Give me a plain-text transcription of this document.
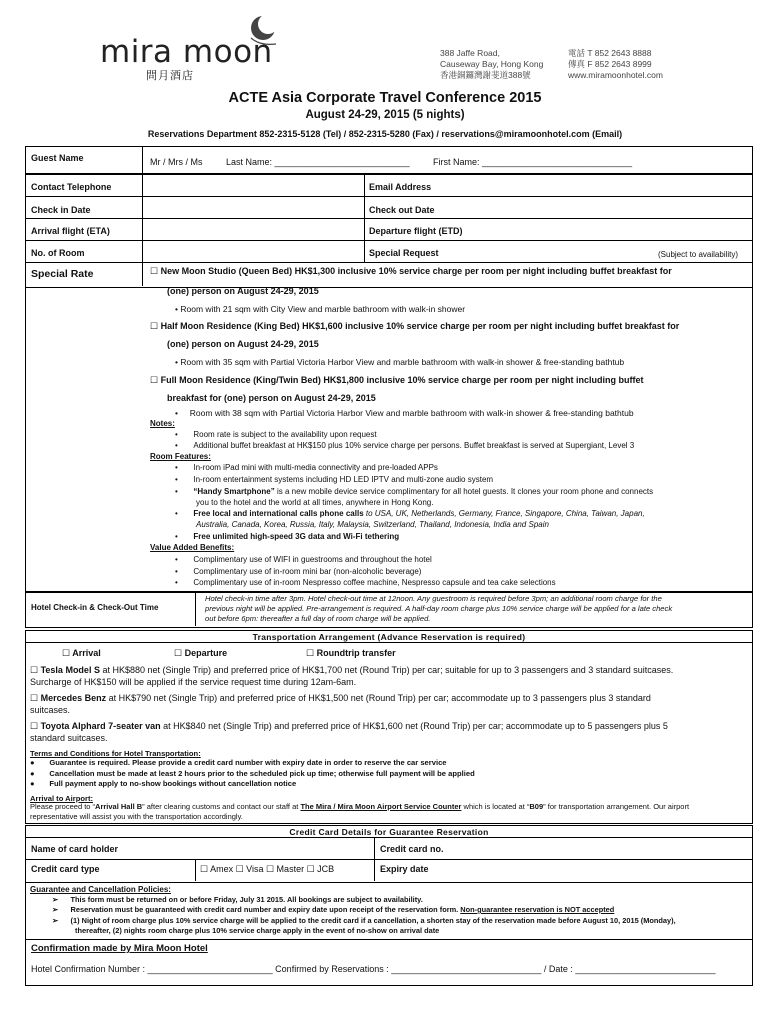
mira moon
問月酒店
388 Jaffe Road,
Causeway Bay, Hong Kong
香港銅鑼灣謝斐道388號
電話 T 852 2643 8888
傳真 F 852 2643 8999
www.miramoonhotel.com
ACTE Asia Corporate Travel Conference 2015
August 24-29, 2015 (5 nights)
Reservations Department 852-2315-5128 (Tel) / 852-2315-5280 (Fax) / reservations@miramoonhotel.com (Email)
Guest Name	Mr / Mrs / Ms	Last Name: ___________________________	First Name: ______________________________
Contact Telephone	Email Address
Check in Date	Check out Date
Arrival flight (ETA)	Departure flight (ETD)
No. of Room	Special Request	(Subject to availability)
Special Rate	☐ New Moon Studio (Queen Bed) HK$1,300 inclusive 10% service charge per room per night including buffet breakfast for
(one) person on August 24-29, 2015
• Room with 21 sqm with City View and marble bathroom with walk-in shower
☐ Half Moon Residence (King Bed) HK$1,600 inclusive 10% service charge per room per night including buffet breakfast for
(one) person on August 24-29, 2015
• Room with 35 sqm with Partial Victoria Harbor View and marble bathroom with walk-in shower & free-standing bathtub
☐ Full Moon Residence (King/Twin Bed) HK$1,800 inclusive 10% service charge per room per night including buffet
breakfast for (one) person on August 24-29, 2015
• Room with 38 sqm with Partial Victoria Harbor View and marble bathroom with walk-in shower & free-standing bathtub
Notes:
• Room rate is subject to the availability upon request
• Additional buffet breakfast at HK$150 plus 10% service charge per persons. Buffet breakfast is served at Supergiant, Level 3
Room Features:
• In-room iPad mini with multi-media connectivity and pre-loaded APPs
• In-room entertainment systems including HD LED IPTV and multi-zone audio system
• “Handy Smartphone” is a new mobile device service complimentary for all hotel guests. It clones your room phone and connects
you to the hotel and the world at all times, anywhere in Hong Kong.
• Free local and international calls phone calls to USA, UK, Netherlands, Germany, France, Singapore, China, Taiwan, Japan,
Australia, Canada, Korea, Russia, Italy, Malaysia, Switzerland, Thailand, Indonesia, India and Spain
• Free unlimited high-speed 3G data and Wi-Fi tethering
Value Added Benefits:
• Complimentary use of WIFI in guestrooms and throughout the hotel
• Complimentary use of in-room mini bar (non-alcoholic beverage)
• Complimentary use of in-room Nespresso coffee machine, Nespresso capsule and tea cake selections
Hotel Check-in & Check-Out Time
Hotel check-in time after 3pm. Hotel check-out time at 12noon. Any guestroom is required before 3pm; an additional room charge for the
previous night will be applied. Pre-arrangement is required. A half-day room charge plus 10% service charge will be applied for a late check
out before 6pm: thereafter a full day of room charge will be applied.
Transportation Arrangement (Advance Reservation is required)
☐ Arrival	☐ Departure	☐ Roundtrip transfer
☐ Tesla Model S at HK$880 net (Single Trip) and preferred price of HK$1,700 net (Round Trip) per car; suitable for up to 3 passengers and 3 standard suitcases.
Surcharge of HK$150 will be applied if the service request time during 12am-6am.
☐ Mercedes Benz at HK$790 net (Single Trip) and preferred price of HK$1,500 net (Round Trip) per car; accommodate up to 3 passengers plus 3 standard
suitcases.
☐ Toyota Alphard 7-seater van at HK$840 net (Single Trip) and preferred price of HK$1,600 net (Round Trip) per car; accommodate up to 5 passengers plus 5
standard suitcases.
Terms and Conditions for Hotel Transportation:
● Guarantee is required. Please provide a credit card number with expiry date in order to reserve the car service
● Cancellation must be made at least 2 hours prior to the scheduled pick up time; otherwise full payment will be applied
● Full payment apply to no-show bookings without cancellation notice
Arrival to Airport:
Please proceed to “Arrival Hall B” after clearing customs and contact our staff at The Mira / Mira Moon Airport Service Counter which is located at “B09” for transportation arrangement. Our airport
representative will assist you with the transportation accordingly.
Credit Card Details for Guarantee Reservation
Name of card holder	Credit card no.
Credit card type	☐ Amex ☐ Visa ☐ Master ☐ JCB	Expiry date
Guarantee and Cancellation Policies:
➢ This form must be returned on or before Friday, July 31 2015. All bookings are subject to availability.
➢ Reservation must be guaranteed with credit card number and expiry date upon receipt of the reservation form. Non-guarantee reservation is NOT accepted
➢ (1) Night of room charge plus 10% service charge will be applied to the credit card if a cancellation, a shorten stay of the reservation made before August 10, 2015 (Monday),
thereafter, (2) nights room charge plus 10% service charge apply in the event of no-show on arrival date
Confirmation made by Mira Moon Hotel
Hotel Confirmation Number : _________________________ Confirmed by Reservations : ______________________________ / Date : ____________________________
